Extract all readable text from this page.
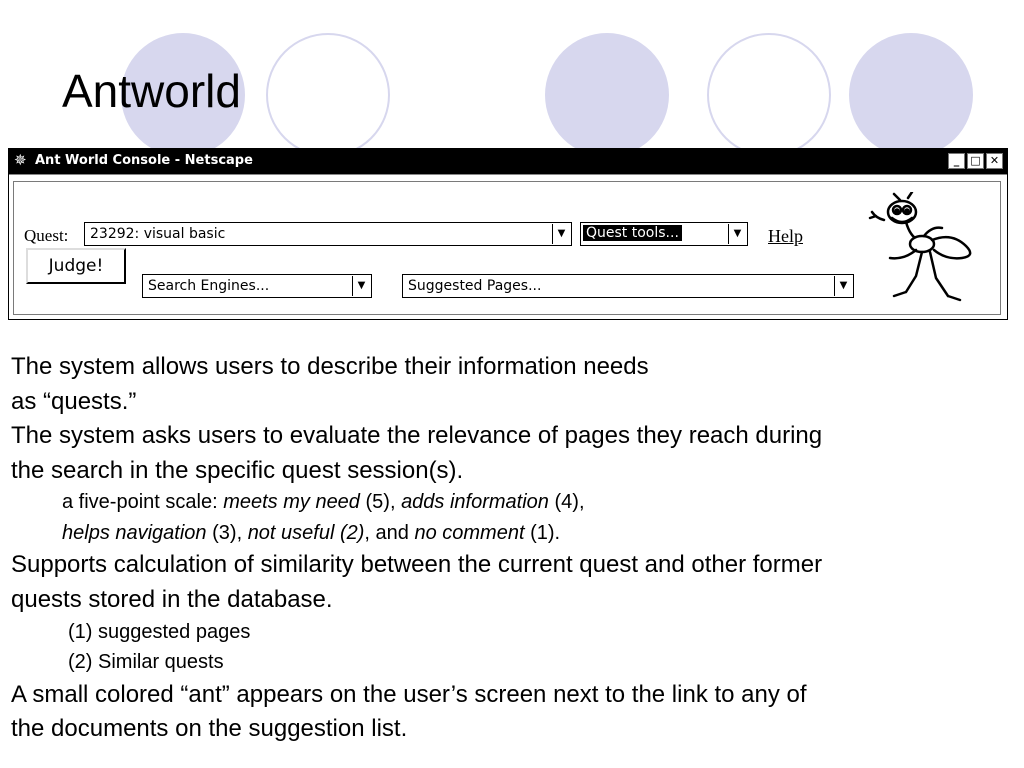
Antworld
✵ Ant World Console - Netscape	_	□ ✕
Quest: 23292: visual basic	▼	Quest tools...	▼ Help
Judge!
Search Engines...	▼	Suggested Pages...	▼

The system allows users to describe their information needs

as “quests.”

The system asks users to evaluate the relevance of pages they reach during

the search in the specific quest session(s).

a five-point scale: meets my need (5), adds information (4),

helps navigation (3), not useful (2), and no comment (1).

Supports calculation of similarity between the current quest and other former

quests stored in the database.

(1) suggested pages

(2) Similar quests

A small colored “ant” appears on the user’s screen next to the link to any of

the documents on the suggestion list.
